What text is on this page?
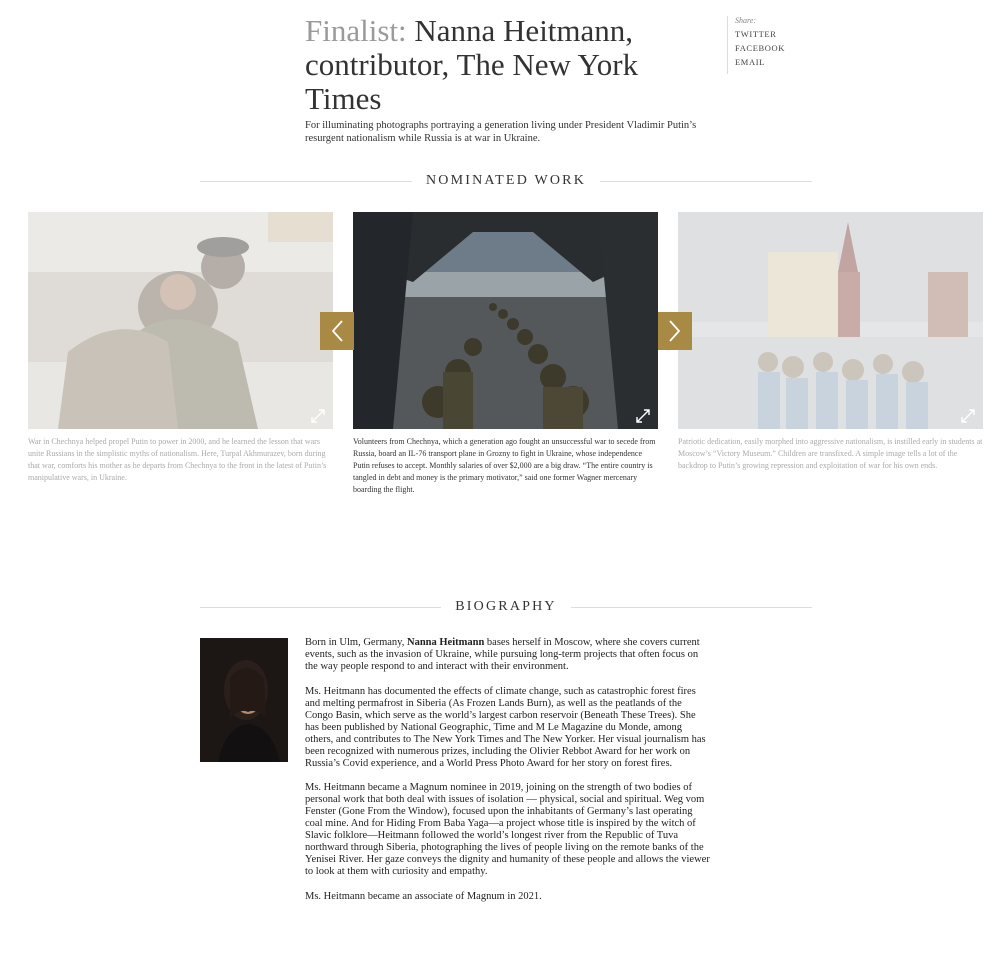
Finalist: Nanna Heitmann, contributor, The New York Times

For illuminating photographs portraying a generation living under President Vladimir Putin’s resurgent nationalism while Russia is at war in Ukraine.

Share:
TWITTER
FACEBOOK
EMAIL
NOMINATED WORK

War in Chechnya helped propel Putin to power in 2000, and he learned the lesson that wars unite Russians in the simplistic myths of nationalism. Here, Turpal Akhmurazev, born during that war, comforts his mother as he departs from Chechnya to the front in the latest of Putin’s manipulative wars, in Ukraine.

Volunteers from Chechnya, which a generation ago fought an unsuccessful war to secede from Russia, board an IL-76 transport plane in Grozny to fight in Ukraine, whose independence Putin refuses to accept. Monthly salaries of over $2,000 are a big draw. “The entire country is tangled in debt and money is the primary motivator,” said one former Wagner mercenary boarding the flight.

Patriotic dedication, easily morphed into aggressive nationalism, is instilled early in students at Moscow’s “Victory Museum.” Children are transfixed. A simple image tells a lot of the backdrop to Putin’s growing repression and exploitation of war for his own ends.

BIOGRAPHY

Born in Ulm, Germany, Nanna Heitmann bases herself in Moscow, where she covers current events, such as the invasion of Ukraine, while pursuing long-term projects that often focus on the way people respond to and interact with their environment.

Ms. Heitmann has documented the effects of climate change, such as catastrophic forest fires and melting permafrost in Siberia (As Frozen Lands Burn), as well as the peatlands of the Congo Basin, which serve as the world’s largest carbon reservoir (Beneath These Trees). She has been published by National Geographic, Time and M Le Magazine du Monde, among others, and contributes to The New York Times and The New Yorker. Her visual journalism has been recognized with numerous prizes, including the Olivier Rebbot Award for her work on Russia’s Covid experience, and a World Press Photo Award for her story on forest fires.

Ms. Heitmann became a Magnum nominee in 2019, joining on the strength of two bodies of personal work that both deal with issues of isolation — physical, social and spiritual. Weg vom Fenster (Gone From the Window), focused upon the inhabitants of Germany’s last operating coal mine. And for Hiding From Baba Yaga—a project whose title is inspired by the witch of Slavic folklore—Heitmann followed the world’s longest river from the Republic of Tuva northward through Siberia, photographing the lives of people living on the remote banks of the Yenisei River. Her gaze conveys the dignity and humanity of these people and allows the viewer to look at them with curiosity and empathy.

Ms. Heitmann became an associate of Magnum in 2021.
